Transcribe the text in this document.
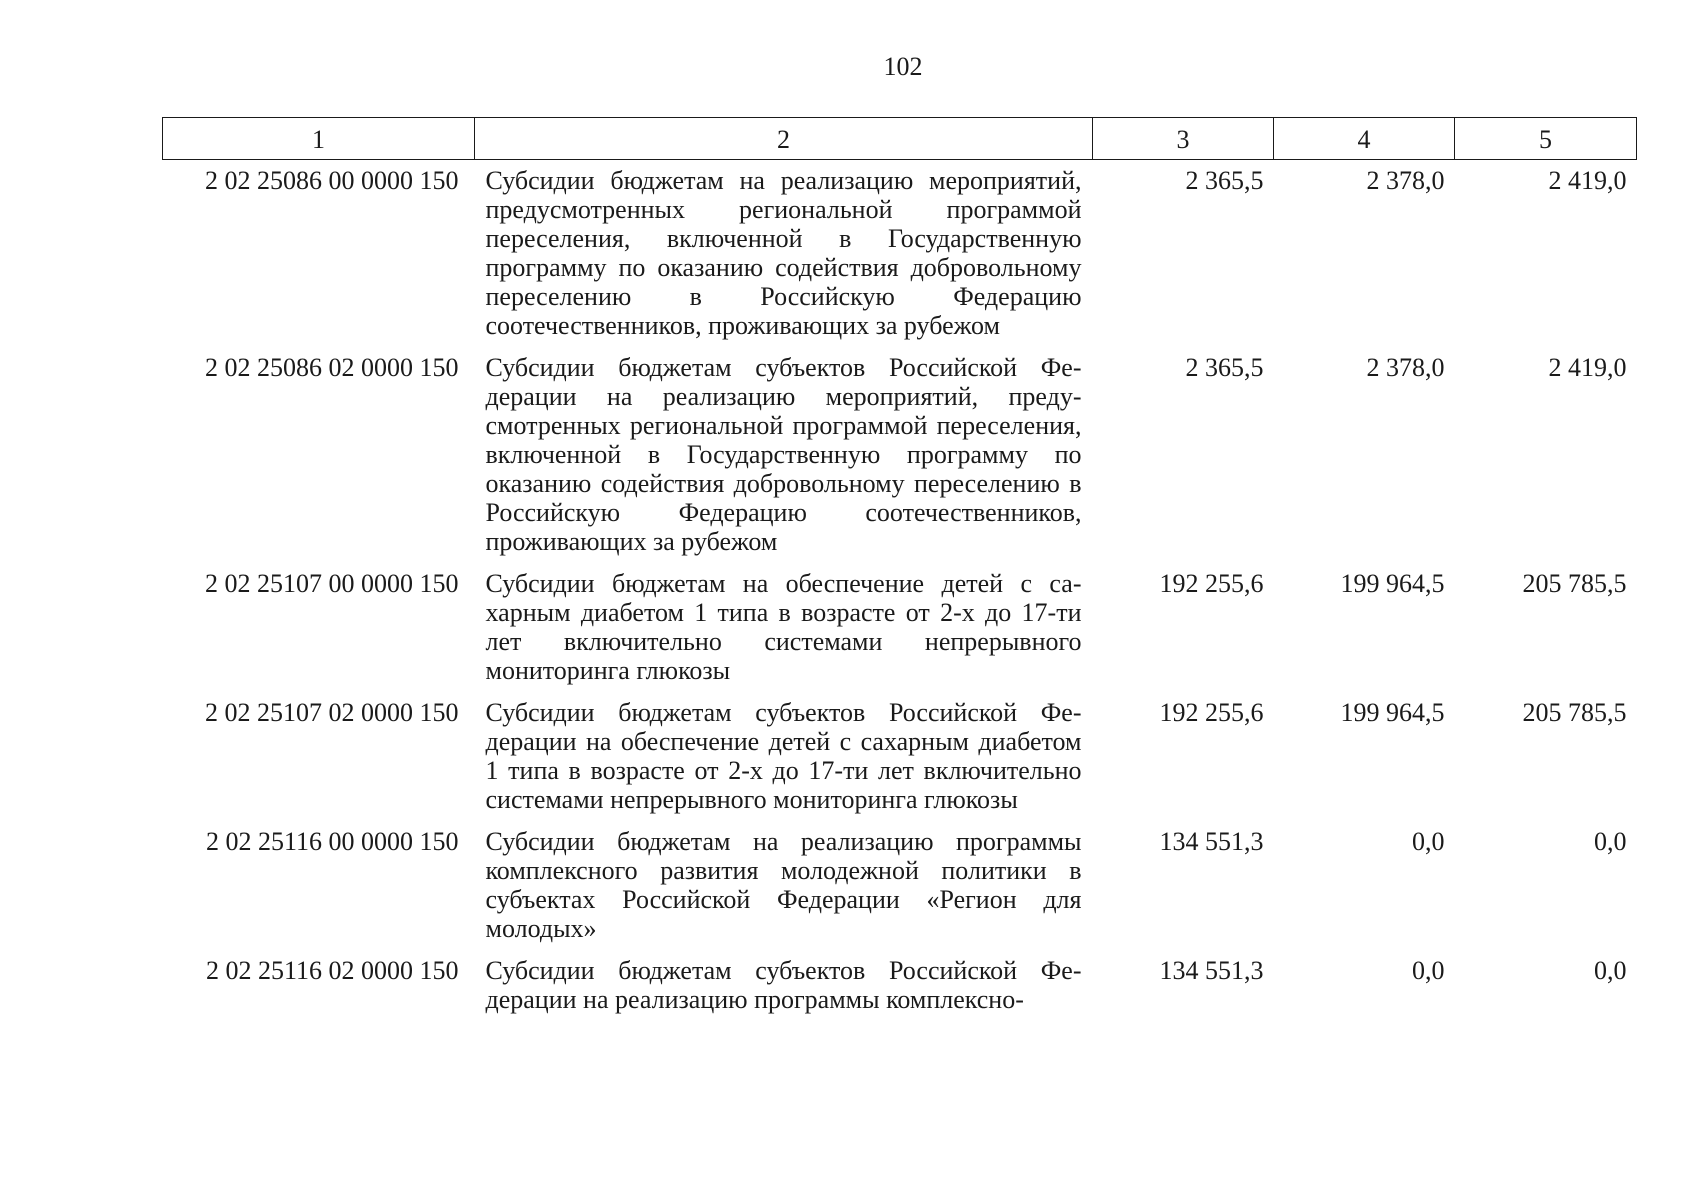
102
1	2	3	4	5
2 02 25086 00 0000 150	Субсидии бюджетам на реализацию мероприятий, предусмотренных региональной программой переселения, включенной в Государственную программу по оказанию содействия добровольному переселению в Российскую Федерацию соотечественников, проживающих за рубежом	2 365,5	2 378,0	2 419,0
2 02 25086 02 0000 150	Субсидии бюджетам субъектов Российской Федерации на реализацию мероприятий, предусмотренных региональной программой переселения, включенной в Государственную программу по оказанию содействия добровольному переселению в Российскую Федерацию соотечественников, проживающих за рубежом	2 365,5	2 378,0	2 419,0
2 02 25107 00 0000 150	Субсидии бюджетам на обеспечение детей с сахарным диабетом 1 типа в возрасте от 2-х до 17-ти лет включительно системами непрерывного мониторинга глюкозы	192 255,6	199 964,5	205 785,5
2 02 25107 02 0000 150	Субсидии бюджетам субъектов Российской Федерации на обеспечение детей с сахарным диабетом 1 типа в возрасте от 2-х до 17-ти лет включительно системами непрерывного мониторинга глюкозы	192 255,6	199 964,5	205 785,5
2 02 25116 00 0000 150	Субсидии бюджетам на реализацию программы комплексного развития молодежной политики в субъектах Российской Федерации «Регион для молодых»	134 551,3	0,0	0,0
2 02 25116 02 0000 150	Субсидии бюджетам субъектов Российской Федерации на реализацию программы комплексно-	134 551,3	0,0	0,0
